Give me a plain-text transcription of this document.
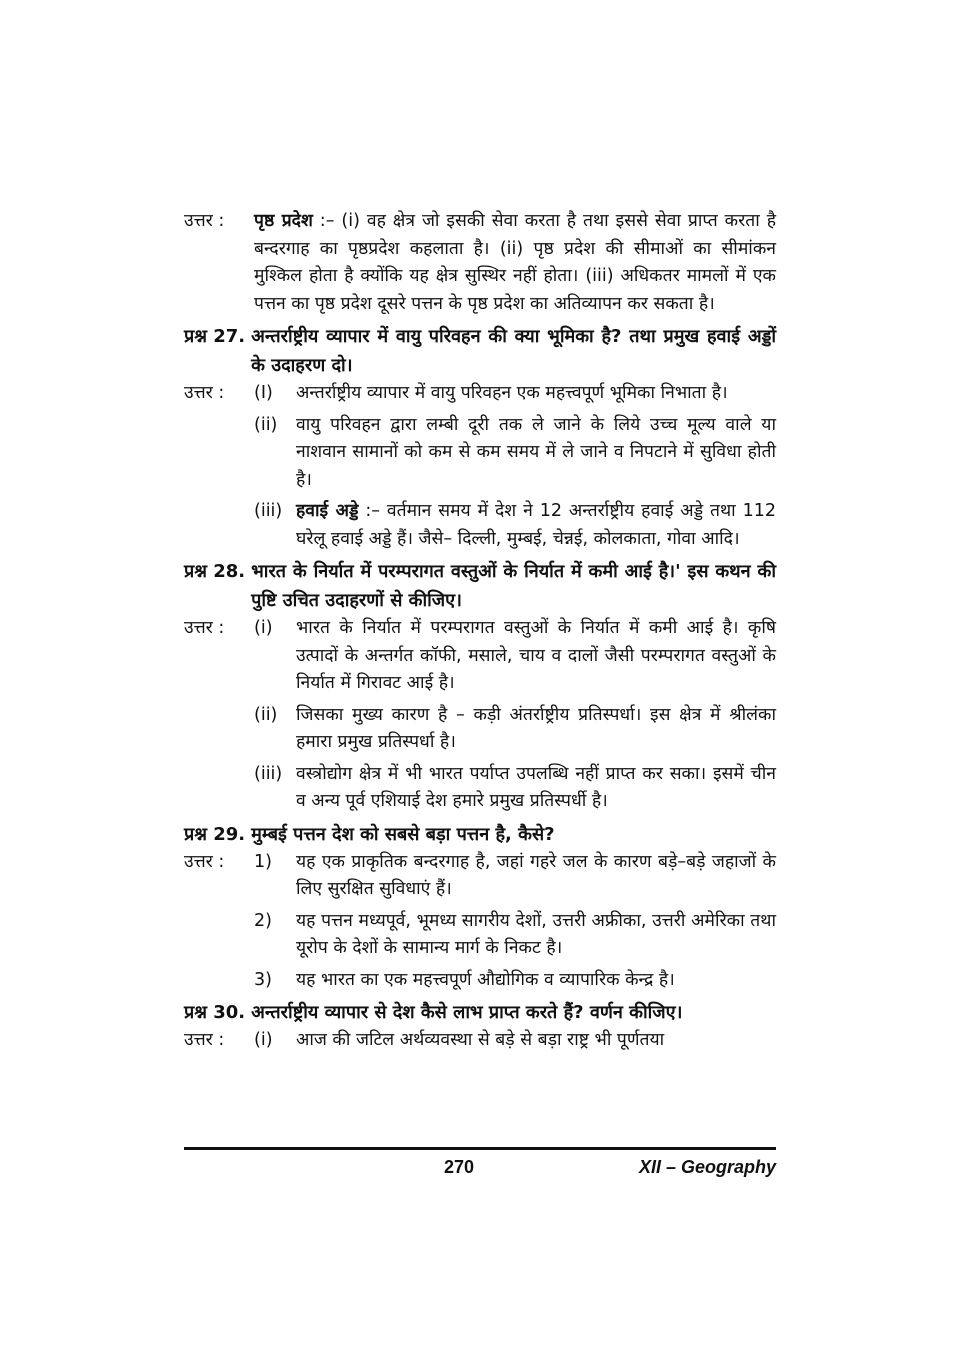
उत्तर :	पृष्ठ प्रदेश :– (i) वह क्षेत्र जो इसकी सेवा करता है तथा इससे सेवा प्राप्त करता है बन्दरगाह का पृष्ठप्रदेश कहलाता है। (ii) पृष्ठ प्रदेश की सीमाओं का सीमांकन मुश्किल होता है क्योंकि यह क्षेत्र सुस्थिर नहीं होता। (iii) अधिकतर मामलों में एक पत्तन का पृष्ठ प्रदेश दूसरे पत्तन के पृष्ठ प्रदेश का अतिव्यापन कर सकता है।
प्रश्न 27. अन्तर्राष्ट्रीय व्यापार में वायु परिवहन की क्या भूमिका है? तथा प्रमुख हवाई अड्डों के उदाहरण दो।
उत्तर :	(I)	अन्तर्राष्ट्रीय व्यापार में वायु परिवहन एक महत्त्वपूर्ण भूमिका निभाता है।
(ii)	वायु परिवहन द्वारा लम्बी दूरी तक ले जाने के लिये उच्च मूल्य वाले या नाशवान सामानों को कम से कम समय में ले जाने व निपटाने में सुविधा होती है।
(iii) हवाई अड्डे :– वर्तमान समय में देश ने 12 अन्तर्राष्ट्रीय हवाई अड्डे तथा 112 घरेलू हवाई अड्डे हैं। जैसे– दिल्ली, मुम्बई, चेन्नई, कोलकाता, गोवा आदि।
प्रश्न 28. भारत के निर्यात में परम्परागत वस्तुओं के निर्यात में कमी आई है।' इस कथन की पुष्टि उचित उदाहरणों से कीजिए।
उत्तर :	(i)	भारत के निर्यात में परम्परागत वस्तुओं के निर्यात में कमी आई है। कृषि उत्पादों के अन्तर्गत कॉफी, मसाले, चाय व दालों जैसी परम्परागत वस्तुओं के निर्यात में गिरावट आई है।
(ii)	जिसका मुख्य कारण है – कड़ी अंतर्राष्ट्रीय प्रतिस्पर्धा। इस क्षेत्र में श्रीलंका हमारा प्रमुख प्रतिस्पर्धा है।
(iii) वस्त्रोद्योग क्षेत्र में भी भारत पर्याप्त उपलब्धि नहीं प्राप्त कर सका। इसमें चीन व अन्य पूर्व एशियाई देश हमारे प्रमुख प्रतिस्पर्धी है।
प्रश्न 29. मुम्बई पत्तन देश को सबसे बड़ा पत्तन है, कैसे?
उत्तर :	1)	यह एक प्राकृतिक बन्दरगाह है, जहां गहरे जल के कारण बड़े–बड़े जहाजों के लिए सुरक्षित सुविधाएं हैं।
2)	यह पत्तन मध्यपूर्व, भूमध्य सागरीय देशों, उत्तरी अफ्रीका, उत्तरी अमेरिका तथा यूरोप के देशों के सामान्य मार्ग के निकट है।
3)	यह भारत का एक महत्त्वपूर्ण औद्योगिक व व्यापारिक केन्द्र है।
प्रश्न 30. अन्तर्राष्ट्रीय व्यापार से देश कैसे लाभ प्राप्त करते हैं? वर्णन कीजिए।
उत्तर :	(i)	आज की जटिल अर्थव्यवस्था से बड़े से बड़ा राष्ट्र भी पूर्णतया
270	XII – Geography
